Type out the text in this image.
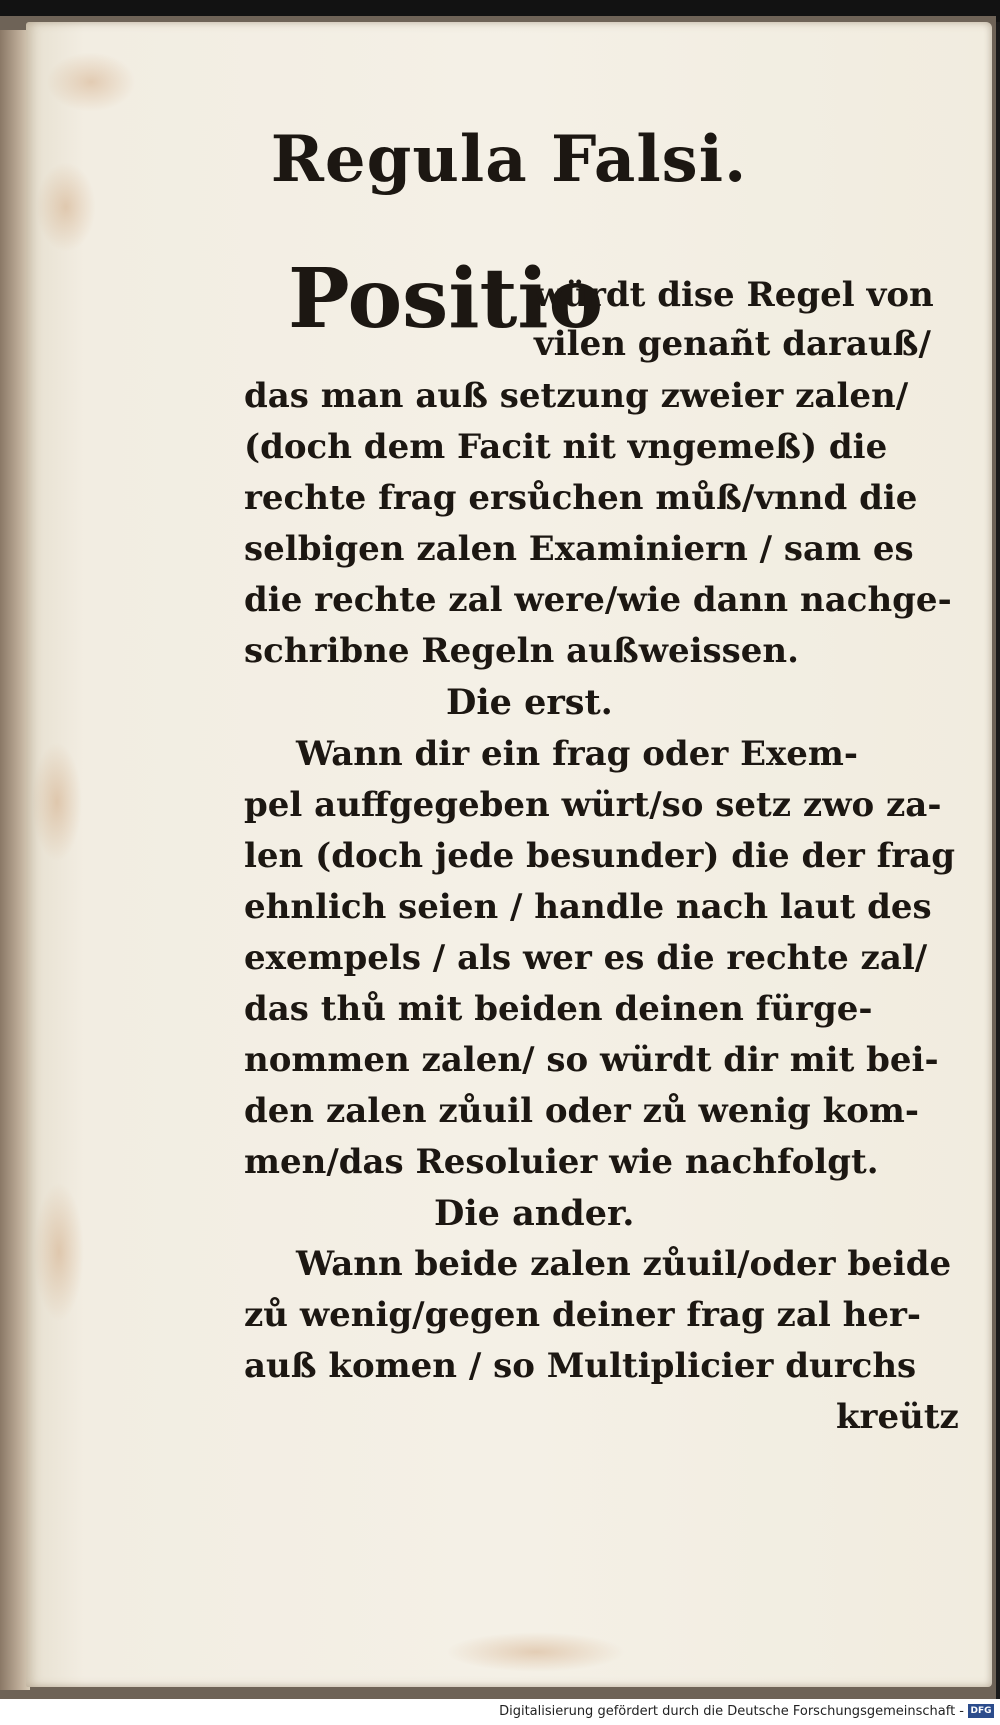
Regula Falsi.
Positio
würdt dise Regel von
vilen genañt darauß/
das man auß setzung zweier zalen/
(doch dem Facit nit vngemeß) die
rechte frag ersůchen můß/vnnd die
selbigen zalen Examiniern / sam es
die rechte zal were/wie dann nachge-
schribne Regeln außweissen.
Die erst.
Wann dir ein frag oder Exem-
pel auffgegeben würt/so setz zwo za-
len (doch jede besunder) die der frag
ehnlich seien / handle nach laut des
exempels / als wer es die rechte zal/
das thů mit beiden deinen fürge-
nommen zalen/ so würdt dir mit bei-
den zalen zůuil oder zů wenig kom-
men/das Resoluier wie nachfolgt.
Die ander.
Wann beide zalen zůuil/oder beide
zů wenig/gegen deiner frag zal her-
auß komen / so Multiplicier durchs
kreütz
Digitalisierung gefördert durch die Deutsche Forschungsgemeinschaft - DFG
